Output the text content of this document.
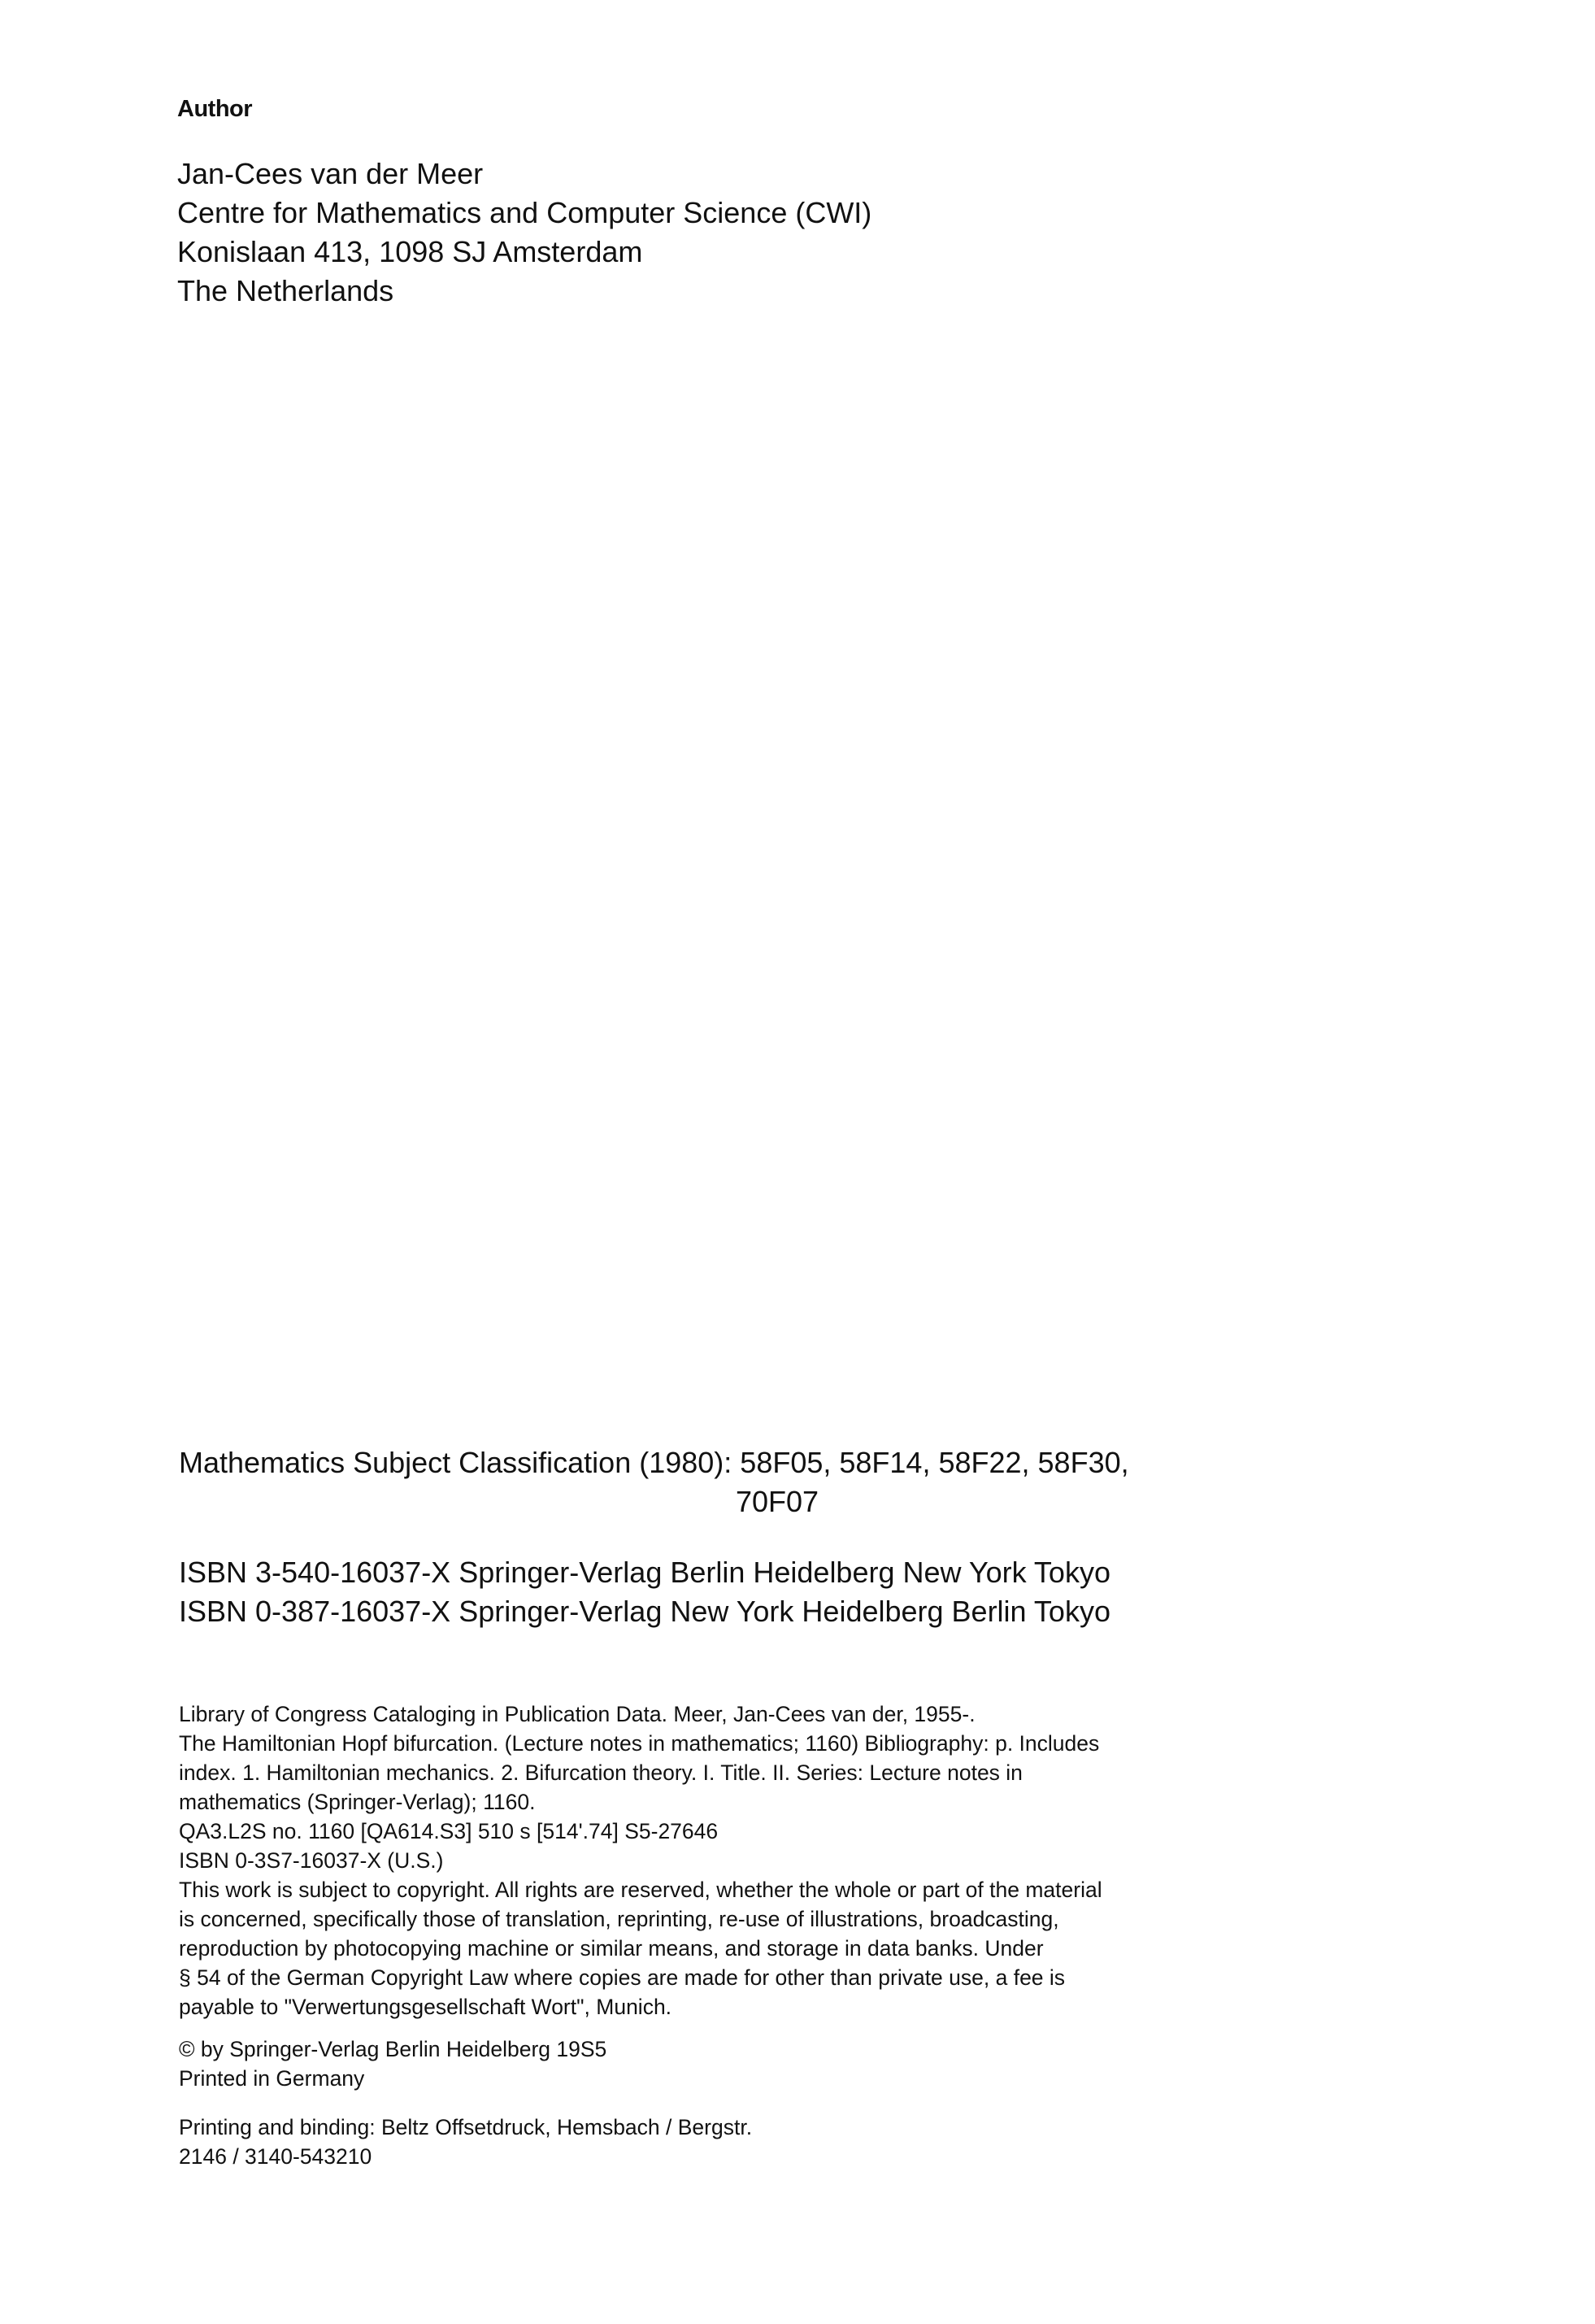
Author
Jan-Cees van der Meer
Centre for Mathematics and Computer Science (CWI)
Konislaan 413, 1098 SJ Amsterdam
The Netherlands
Mathematics Subject Classification (1980): 58F05, 58F14, 58F22, 58F30,
70F07
ISBN 3-540-16037-X Springer-Verlag Berlin Heidelberg New York Tokyo
ISBN 0-387-16037-X Springer-Verlag New York Heidelberg Berlin Tokyo
Library of Congress Cataloging in Publication Data. Meer, Jan-Cees van der, 1955-.
The Hamiltonian Hopf bifurcation. (Lecture notes in mathematics; 1160) Bibliography: p. Includes
index. 1. Hamiltonian mechanics. 2. Bifurcation theory. I. Title. II. Series: Lecture notes in
mathematics (Springer-Verlag); 1160.
QA3.L2S no. 1160 [QA614.S3] 510 s [514'.74] S5-27646
ISBN 0-3S7-16037-X (U.S.)
This work is subject to copyright. All rights are reserved, whether the whole or part of the material
is concerned, specifically those of translation, reprinting, re-use of illustrations, broadcasting,
reproduction by photocopying machine or similar means, and storage in data banks. Under
§ 54 of the German Copyright Law where copies are made for other than private use, a fee is
payable to "Verwertungsgesellschaft Wort", Munich.
© by Springer-Verlag Berlin Heidelberg 19S5
Printed in Germany
Printing and binding: Beltz Offsetdruck, Hemsbach / Bergstr.
2146 / 3140-543210
